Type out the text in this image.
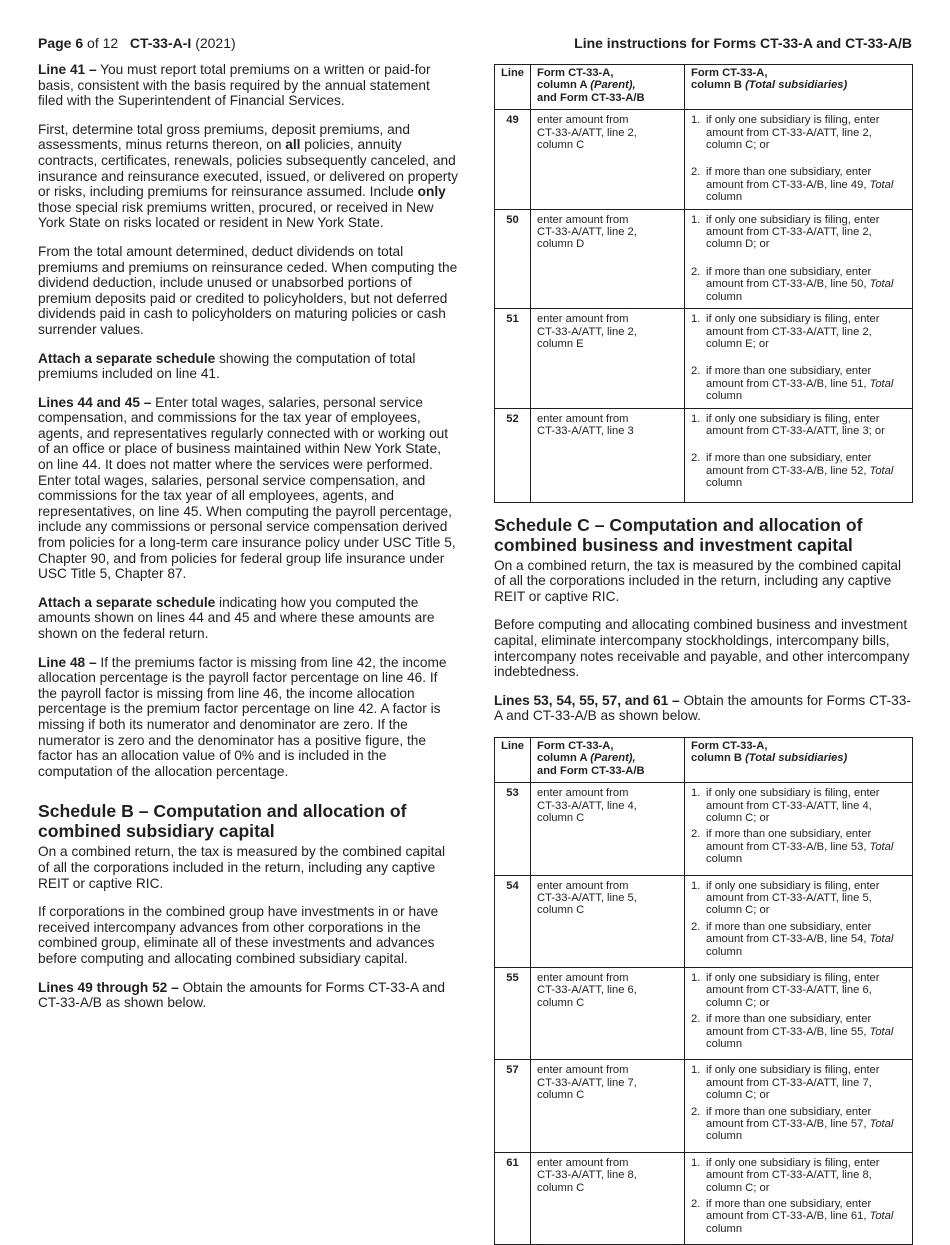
Page 6 of 12 CT-33-A-I (2021)	Line instructions for Forms CT-33-A and CT-33-A/B

Line 41 – You must report total premiums on a written or paid-for basis, consistent with the basis required by the annual statement filed with the Superintendent of Financial Services.

First, determine total gross premiums, deposit premiums, and assessments, minus returns thereon, on all policies, annuity contracts, certificates, renewals, policies subsequently canceled, and insurance and reinsurance executed, issued, or delivered on property or risks, including premiums for reinsurance assumed. Include only those special risk premiums written, procured, or received in New York State on risks located or resident in New York State.

From the total amount determined, deduct dividends on total premiums and premiums on reinsurance ceded. When computing the dividend deduction, include unused or unabsorbed portions of premium deposits paid or credited to policyholders, but not deferred dividends paid in cash to policyholders on maturing policies or cash surrender values.

Attach a separate schedule showing the computation of total premiums included on line 41.

Lines 44 and 45 – Enter total wages, salaries, personal service compensation, and commissions for the tax year of employees, agents, and representatives regularly connected with or working out of an office or place of business maintained within New York State, on line 44. It does not matter where the services were performed. Enter total wages, salaries, personal service compensation, and commissions for the tax year of all employees, agents, and representatives, on line 45. When computing the payroll percentage, include any commissions or personal service compensation derived from policies for a long-term care insurance policy under USC Title 5, Chapter 90, and from policies for federal group life insurance under USC Title 5, Chapter 87.

Attach a separate schedule indicating how you computed the amounts shown on lines 44 and 45 and where these amounts are shown on the federal return.

Line 48 – If the premiums factor is missing from line 42, the income allocation percentage is the payroll factor percentage on line 46. If the payroll factor is missing from line 46, the income allocation percentage is the premium factor percentage on line 42. A factor is missing if both its numerator and denominator are zero. If the numerator is zero and the denominator has a positive figure, the factor has an allocation value of 0% and is included in the computation of the allocation percentage.

Schedule B – Computation and allocation of combined subsidiary capital

On a combined return, the tax is measured by the combined capital of all the corporations included in the return, including any captive REIT or captive RIC.

If corporations in the combined group have investments in or have received intercompany advances from other corporations in the combined group, eliminate all of these investments and advances before computing and allocating combined subsidiary capital.

Lines 49 through 52 – Obtain the amounts for Forms CT-33-A and CT-33-A/B as shown below.

Line	Form CT-33-A,
column A (Parent),
and Form CT-33-A/B	Form CT-33-A,
column B (Total subsidiaries)
49	enter amount from CT-33-A/ATT, line 2, column C	1. if only one subsidiary is filing, enter amount from CT-33-A/ATT, line 2, column C; or
2. if more than one subsidiary, enter amount from CT-33-A/B, line 49, Total column

50	enter amount from CT-33-A/ATT, line 2, column D	1. if only one subsidiary is filing, enter amount from CT-33-A/ATT, line 2, column D; or
2. if more than one subsidiary, enter amount from CT-33-A/B, line 50, Total column

51	enter amount from CT-33-A/ATT, line 2, column E	1. if only one subsidiary is filing, enter amount from CT-33-A/ATT, line 2, column E; or
2. if more than one subsidiary, enter amount from CT-33-A/B, line 51, Total column

52	enter amount from CT-33-A/ATT, line 3	1. if only one subsidiary is filing, enter amount from CT-33-A/ATT, line 3; or
2. if more than one subsidiary, enter amount from CT-33-A/B, line 52, Total column
Schedule C – Computation and allocation of combined business and investment capital

On a combined return, the tax is measured by the combined capital of all the corporations included in the return, including any captive REIT or captive RIC.

Before computing and allocating combined business and investment capital, eliminate intercompany stockholdings, intercompany bills, intercompany notes receivable and payable, and other intercompany indebtedness.

Lines 53, 54, 55, 57, and 61 – Obtain the amounts for Forms CT-33-A and CT-33-A/B as shown below.

Line	Form CT-33-A,
column A (Parent),
and Form CT-33-A/B	Form CT-33-A,
column B (Total subsidiaries)
53	enter amount from CT-33-A/ATT, line 4, column C	1. if only one subsidiary is filing, enter amount from CT-33-A/ATT, line 4, column C; or
2. if more than one subsidiary, enter amount from CT-33-A/B, line 53, Total column

54	enter amount from CT-33-A/ATT, line 5, column C	1. if only one subsidiary is filing, enter amount from CT-33-A/ATT, line 5, column C; or
2. if more than one subsidiary, enter amount from CT-33-A/B, line 54, Total column

55	enter amount from CT-33-A/ATT, line 6, column C	1. if only one subsidiary is filing, enter amount from CT-33-A/ATT, line 6, column C; or
2. if more than one subsidiary, enter amount from CT-33-A/B, line 55, Total column

57	enter amount from CT-33-A/ATT, line 7, column C	1. if only one subsidiary is filing, enter amount from CT-33-A/ATT, line 7, column C; or
2. if more than one subsidiary, enter amount from CT-33-A/B, line 57, Total column

61	enter amount from CT-33-A/ATT, line 8, column C	1. if only one subsidiary is filing, enter amount from CT-33-A/ATT, line 8, column C; or
2. if more than one subsidiary, enter amount from CT-33-A/B, line 61, Total column
